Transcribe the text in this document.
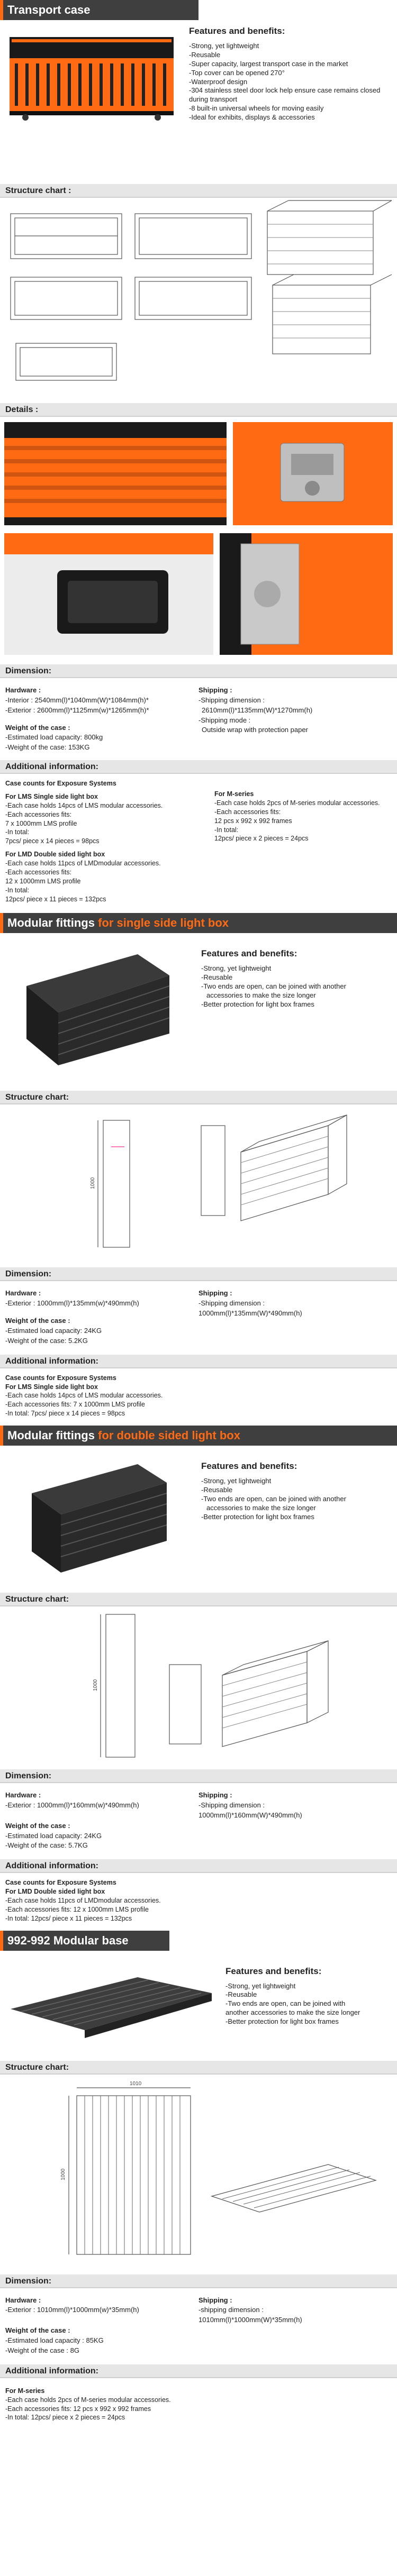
Transport case
Features and benefits:
-Strong, yet lightweight
-Reusable
-Super capacity, largest transport case in the market
-Top cover can be opened 270°
-Waterproof design
-304 stainless steel door lock help ensure case remains closed during transport
-8 built-in universal wheels for moving easily
-Ideal for exhibits, displays & accessories
Structure chart :
Details :
Dimension:

Hardware :

-Interior : 2540mm(l)*1040mm(W)*1084mm(h)*

-Exterior : 2600mm(l)*1125mm(w)*1265mm(h)*

Weight of the case :

-Estimated load capacity: 800kg

-Weight of the case: 153KG

Shipping :

-Shipping dimension :

2610mm(l)*1135mm(W)*1270mm(h)

-Shipping mode :

Outside wrap with protection paper

Additional information:

Case counts for Exposure Systems

For LMS Single side light box

-Each case holds 14pcs of LMS modular accessories.

-Each accessories fits:

7 x 1000mm LMS profile

-In total:

7pcs/ piece x 14 pieces = 98pcs

For LMD Double sided light box

-Each case holds 11pcs of LMDmodular accessories.

-Each accessories fits:

12 x 1000mm LMS profile

-In total:

12pcs/ piece x 11 pieces = 132pcs

For M-series

-Each case holds 2pcs of M-series modular accessories.

-Each accessories fits:

12 pcs x 992 x 992 frames

-In total:

12pcs/ piece x 2 pieces = 24pcs

Modular fittings for single side light box
Features and benefits:
-Strong, yet lightweight
-Reusable
-Two ends are open, can be joined with another
accessories to make the size longer
-Better protection for light box frames
Structure chart:
1000
Dimension:

Hardware :

-Exterior : 1000mm(l)*135mm(w)*490mm(h)

Weight of the case :

-Estimated load capacity: 24KG

-Weight of the case: 5.2KG

Shipping :

-Shipping dimension :

1000mm(l)*135mm(W)*490mm(h)

Additional information:

Case counts for Exposure Systems

For LMS Single side light box

-Each case holds 14pcs of LMS modular accessories.

-Each accessories fits: 7 x 1000mm LMS profile

-In total: 7pcs/ piece x 14 pieces = 98pcs

Modular fittings for double sided light box
Features and benefits:
-Strong, yet lightweight
-Reusable
-Two ends are open, can be joined with another
accessories to make the size longer
-Better protection for light box frames
Structure chart:
1000
Dimension:

Hardware :

-Exterior : 1000mm(l)*160mm(w)*490mm(h)

Weight of the case :

-Estimated load capacity: 24KG

-Weight of the case: 5.7KG

Shipping :

-Shipping dimension :

1000mm(l)*160mm(W)*490mm(h)

Additional information:

Case counts for Exposure Systems

For LMD Double sided light box

-Each case holds 11pcs of LMDmodular accessories.

-Each accessories fits: 12 x 1000mm LMS profile

-In total: 12pcs/ piece x 11 pieces = 132pcs

992-992 Modular base
Features and benefits:
-Strong, yet lightweight
-Reusable
-Two ends are open, can be joined with
another accessories to make the size longer
-Better protection for light box frames
Structure chart:
1010
1000
Dimension:

Hardware :

-Exterior : 1010mm(l)*1000mm(w)*35mm(h)

Weight of the case :

-Estimated load capacity : 85KG

-Weight of the case : 8G

Shipping :

-shipping dimension :

1010mm(l)*1000mm(W)*35mm(h)

Additional information:

For M-series

-Each case holds 2pcs of M-series modular accessories.

-Each accessories fits: 12 pcs x 992 x 992 frames

-In total: 12pcs/ piece x 2 pieces = 24pcs
